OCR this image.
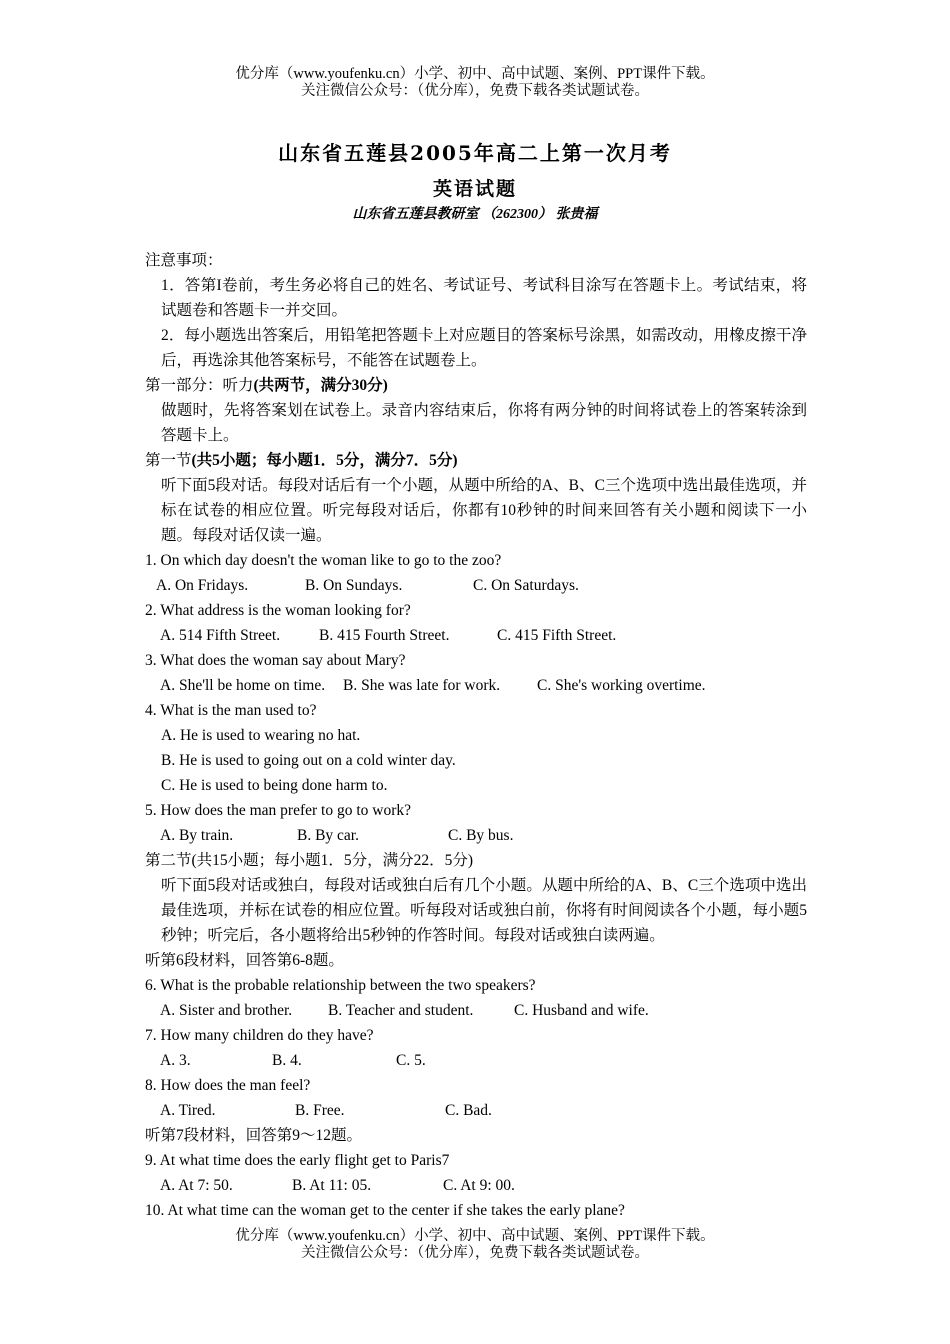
优分库（www.youfenku.cn）小学、初中、高中试题、案例、PPT课件下载。
关注微信公众号：（优分库），免费下载各类试题试卷。
山东省五莲县2005年高二上第一次月考
英语试题
山东省五莲县教研室 （262300） 张贵福
注意事项：
1．答第I卷前，考生务必将自己的姓名、考试证号、考试科目涂写在答题卡上。考试结束，将试题卷和答题卡一并交回。
2．每小题选出答案后，用铅笔把答题卡上对应题目的答案标号涂黑，如需改动，用橡皮擦干净后，再选涂其他答案标号，不能答在试题卷上。
第一部分：听力(共两节，满分30分)
做题时，先将答案划在试卷上。录音内容结束后，你将有两分钟的时间将试卷上的答案转涂到答题卡上。
第一节(共5小题；每小题1．5分，满分7．5分)
听下面5段对话。每段对话后有一个小题，从题中所给的A、B、C三个选项中选出最佳选项，并标在试卷的相应位置。听完每段对话后，你都有10秒钟的时间来回答有关小题和阅读下一小题。每段对话仅读一遍。
1. On which day doesn't the woman like to go to the zoo?
A. On Fridays.	B. On Sundays.	C. On Saturdays.
2. What address is the woman looking for?
A. 514 Fifth Street.	B. 415 Fourth Street.	C. 415 Fifth Street.
3. What does the woman say about Mary?
A. She'll be home on time. B. She was late for work. C. She's working overtime.
4. What is the man used to?
A. He is used to wearing no hat.
B. He is used to going out on a cold winter day.
C. He is used to being done harm to.
5. How does the man prefer to go to work?
A. By train.	B. By car.	C. By bus.
第二节(共15小题；每小题1．5分，满分22．5分)
听下面5段对话或独白，每段对话或独白后有几个小题。从题中所给的A、B、C三个选项中选出最佳选项，并标在试卷的相应位置。听每段对话或独白前，你将有时间阅读各个小题，每小题5秒钟；听完后，各小题将给出5秒钟的作答时间。每段对话或独白读两遍。
听第6段材料，回答第6-8题。
6. What is the probable relationship between the two speakers?
A. Sister and brother. B. Teacher and student.	C. Husband and wife.
7. How many children do they have?
A. 3.	B. 4.	C. 5.
8. How does the man feel?
A. Tired.	B. Free.	C. Bad.
听第7段材料，回答第9～12题。
9. At what time does the early flight get to Paris7
A. At 7: 50.	B. At 11: 05.	C. At 9: 00.
10. At what time can the woman get to the center if she takes the early plane?
优分库（www.youfenku.cn）小学、初中、高中试题、案例、PPT课件下载。
关注微信公众号：（优分库），免费下载各类试题试卷。
